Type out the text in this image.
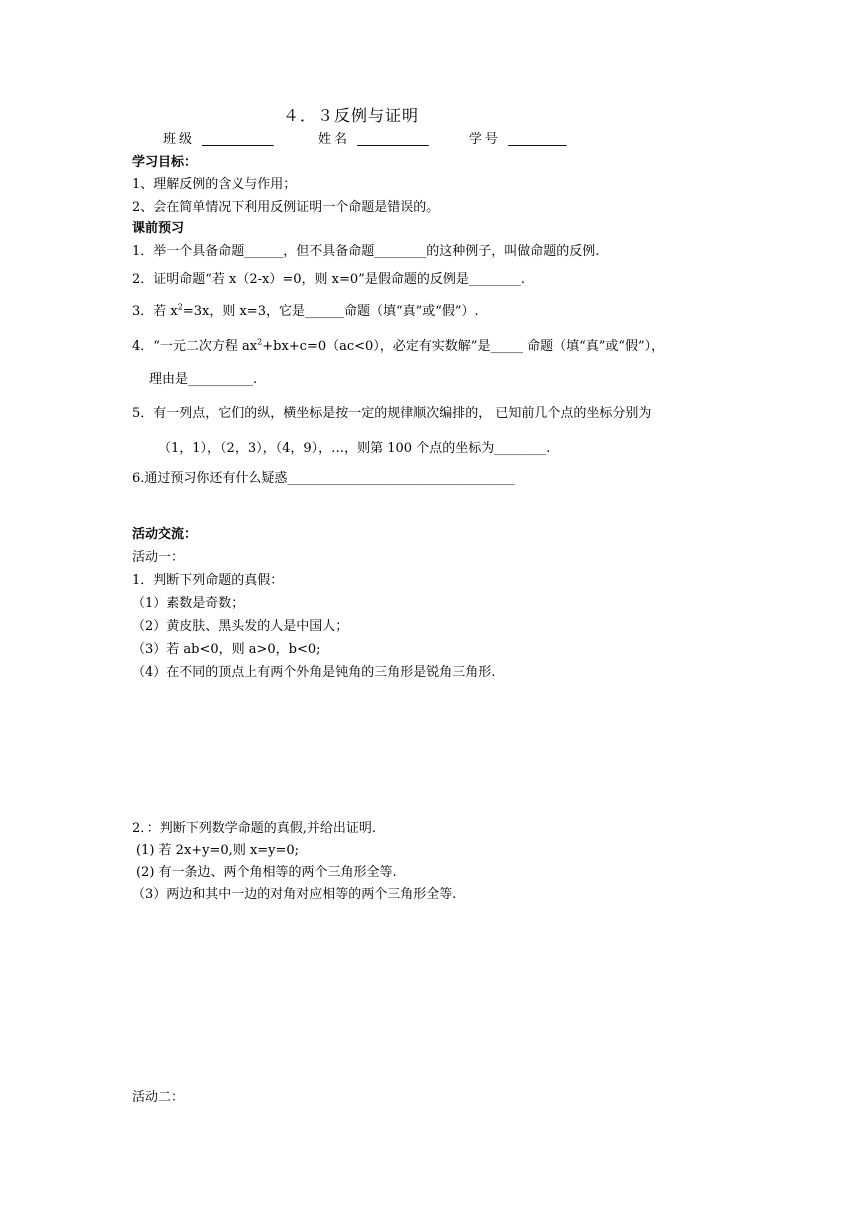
４．３反例与证明
班级 ___________	姓名 ___________	学号 _________
学习目标：
1、理解反例的含义与作用；
2、会在简单情况下利用反例证明一个命题是错误的。
课前预习
1．举一个具备命题______，但不具备命题________的这种例子，叫做命题的反例.
2．证明命题“若 x（2-x）=0，则 x=0”是假命题的反例是________.
3．若 $x^2=3x$，则 x=3，它是______命题（填“真”或“假”）.
4．“一元二次方程 $ax^2+bx+c=0(ac<0)$，必定有实数解”是_____ 命题（填“真”或“假”），
理由是__________.
5．有一列点，它们的纵，横坐标是按一定的规律顺次编排的， 已知前几个点的坐标分别为
（1，1），（2，3），（4，9），…，则第 100 个点的坐标为________.
6.通过预习你还有什么疑惑___________________________________
活动交流：
活动一：
1．判断下列命题的真假：
（1）素数是奇数；
（2）黄皮肤、黑头发的人是中国人；
（3）若 ab<0，则 a>0，b<0;
（4）在不同的顶点上有两个外角是钝角的三角形是锐角三角形.
2．：判断下列数学命题的真假,并给出证明.
(1) 若 2x+y=0,则 x=y=0;
(2) 有一条边、两个角相等的两个三角形全等.
（3）两边和其中一边的对角对应相等的两个三角形全等.
活动二：
